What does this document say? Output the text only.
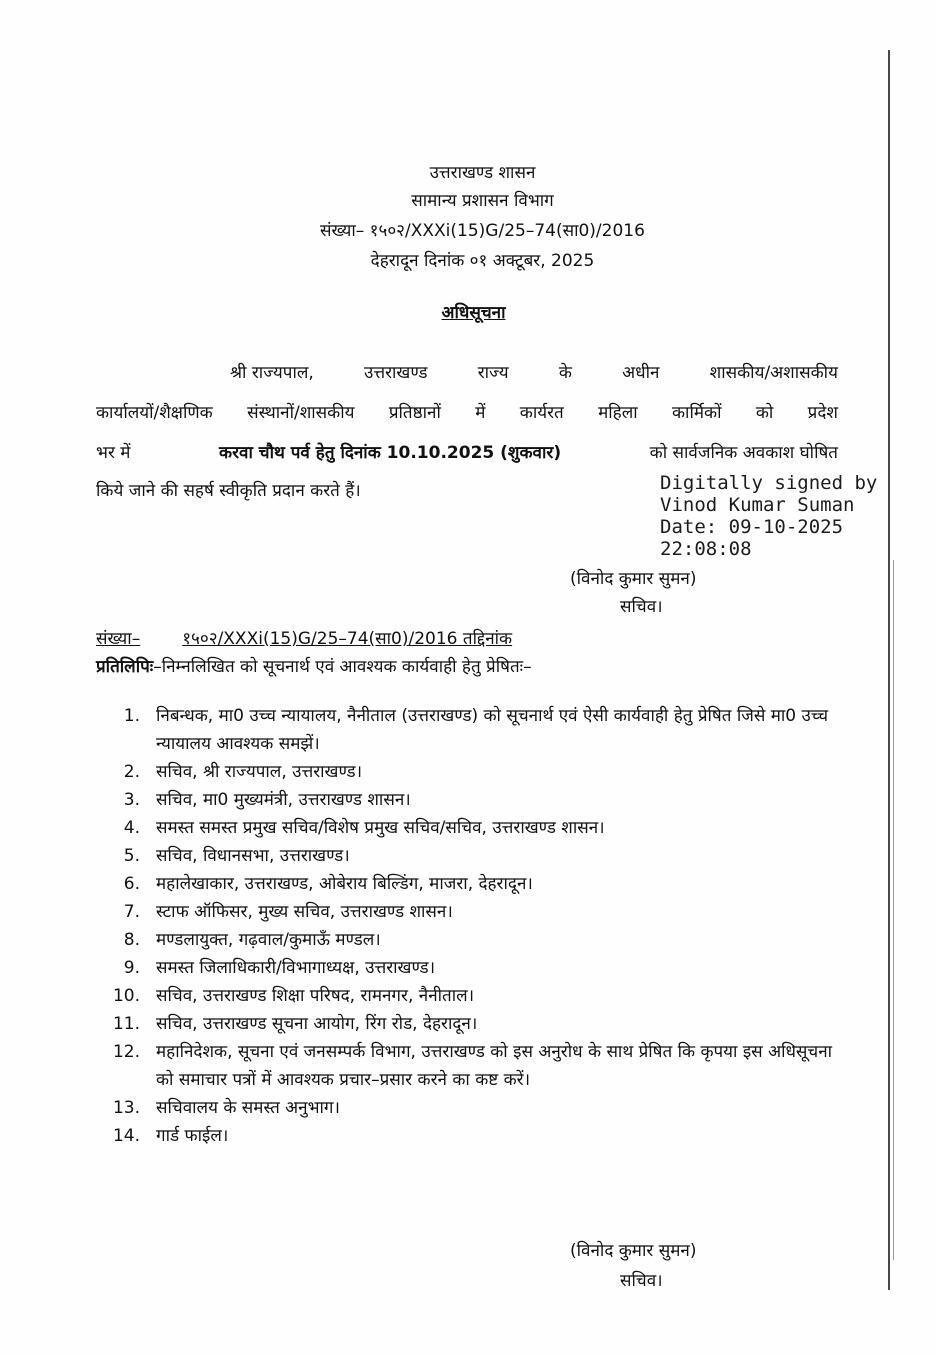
उत्तराखण्ड शासन
सामान्य प्रशासन विभाग
संख्या– १५०२/XXXi(15)G/25–74(सा0)/2016
देहरादून दिनांक ०१ अक्टूबर, 2025
अधिसूचना
श्री राज्यपाल,	उत्तराखण्ड	राज्य	के	अधीन	शासकीय/अशासकीय
कार्यालयों/शैक्षणिक संस्थानों/शासकीय प्रतिष्ठानों में कार्यरत महिला कार्मिकों को प्रदेश
भर में	करवा चौथ पर्व हेतु दिनांक 10.10.2025 (शुकवार)	को सार्वजनिक अवकाश घोषित
किये जाने की सहर्ष स्वीकृति प्रदान करते हैं।	Digitally signed by
Vinod Kumar Suman
Date: 09-10-2025
22:08:08
(विनोद कुमार सुमन)
सचिव।
संख्या– १५०२/XXXi(15)G/25–74(सा0)/2016 तद्दिनांक
प्रतिलिपिः–निम्नलिखित को सूचनार्थ एवं आवश्यक कार्यवाही हेतु प्रेषितः–
1. निबन्धक, मा0 उच्च न्यायालय, नैनीताल (उत्तराखण्ड) को सूचनार्थ एवं ऐसी कार्यवाही हेतु प्रेषित जिसे मा0 उच्च न्यायालय आवश्यक समझें।
2. सचिव, श्री राज्यपाल, उत्तराखण्ड।
3. सचिव, मा0 मुख्यमंत्री, उत्तराखण्ड शासन।
4. समस्त समस्त प्रमुख सचिव/विशेष प्रमुख सचिव/सचिव, उत्तराखण्ड शासन।
5. सचिव, विधानसभा, उत्तराखण्ड।
6. महालेखाकार, उत्तराखण्ड, ओबेराय बिल्डिंग, माजरा, देहरादून।
7. स्टाफ ऑफिसर, मुख्य सचिव, उत्तराखण्ड शासन।
8. मण्डलायुक्त, गढ़वाल/कुमाऊँ मण्डल।
9. समस्त जिलाधिकारी/विभागाध्यक्ष, उत्तराखण्ड।
10. सचिव, उत्तराखण्ड शिक्षा परिषद, रामनगर, नैनीताल।
11. सचिव, उत्तराखण्ड सूचना आयोग, रिंग रोड, देहरादून।
12. महानिदेशक, सूचना एवं जनसम्पर्क विभाग, उत्तराखण्ड को इस अनुरोध के साथ प्रेषित कि कृपया इस अधिसूचना को समाचार पत्रों में आवश्यक प्रचार–प्रसार करने का कष्ट करें।
13. सचिवालय के समस्त अनुभाग।
14. गार्ड फाईल।
(विनोद कुमार सुमन)
सचिव।
